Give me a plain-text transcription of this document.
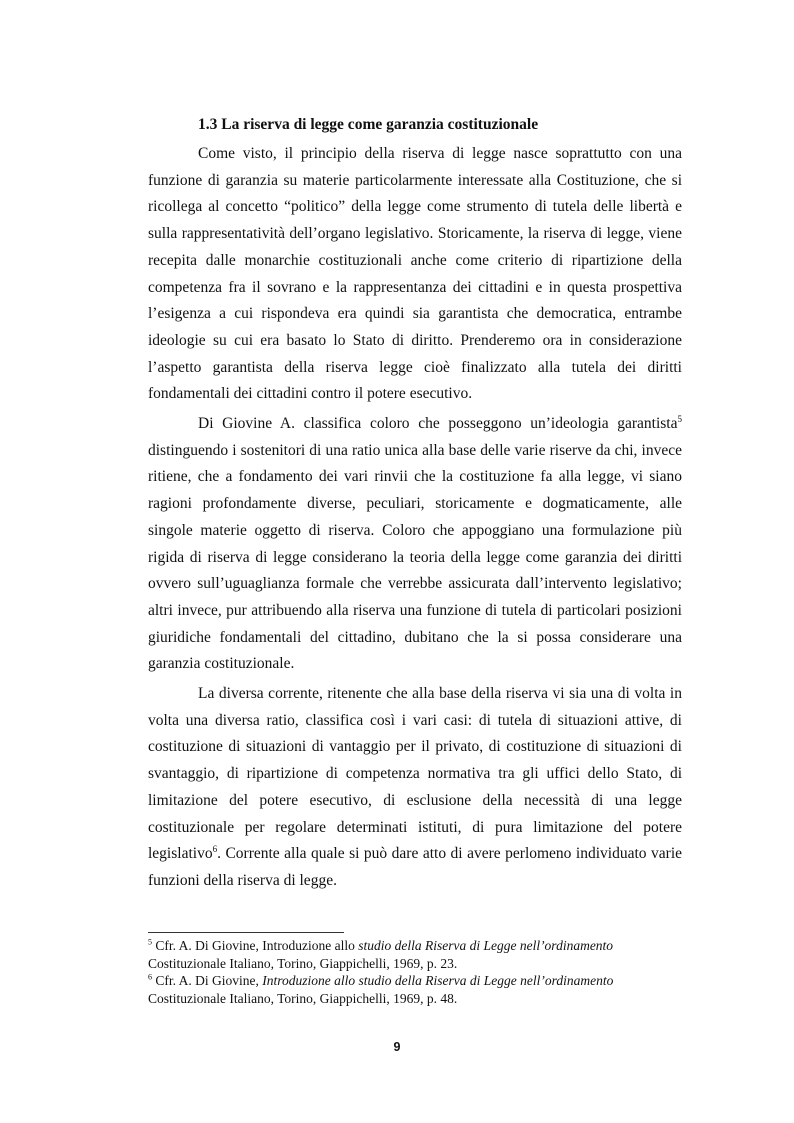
1.3 La riserva di legge come garanzia costituzionale

Come visto, il principio della riserva di legge nasce soprattutto con una funzione di garanzia su materie particolarmente interessate alla Costituzione, che si ricollega al concetto “politico” della legge come strumento di tutela delle libertà e sulla rappresentatività dell’organo legislativo. Storicamente, la riserva di legge, viene recepita dalle monarchie costituzionali anche come criterio di ripartizione della competenza fra il sovrano e la rappresentanza dei cittadini e in questa prospettiva l’esigenza a cui rispondeva era quindi sia garantista che democratica, entrambe ideologie su cui era basato lo Stato di diritto. Prenderemo ora in considerazione l’aspetto garantista della riserva legge cioè finalizzato alla tutela dei diritti fondamentali dei cittadini contro il potere esecutivo.

Di Giovine A. classifica coloro che posseggono un’ideologia garantista$^5$ distinguendo i sostenitori di una ratio unica alla base delle varie riserve da chi, invece ritiene, che a fondamento dei vari rinvii che la costituzione fa alla legge, vi siano ragioni profondamente diverse, peculiari, storicamente e dogmaticamente, alle singole materie oggetto di riserva. Coloro che appoggiano una formulazione più rigida di riserva di legge considerano la teoria della legge come garanzia dei diritti ovvero sull’uguaglianza formale che verrebbe assicurata dall’intervento legislativo; altri invece, pur attribuendo alla riserva una funzione di tutela di particolari posizioni giuridiche fondamentali del cittadino, dubitano che la si possa considerare una garanzia costituzionale.

La diversa corrente, ritenente che alla base della riserva vi sia una di volta in volta una diversa ratio, classifica così i vari casi: di tutela di situazioni attive, di costituzione di situazioni di vantaggio per il privato, di costituzione di situazioni di svantaggio, di ripartizione di competenza normativa tra gli uffici dello Stato, di limitazione del potere esecutivo, di esclusione della necessità di una legge costituzionale per regolare determinati istituti, di pura limitazione del potere legislativo$^6$. Corrente alla quale si può dare atto di avere perlomeno individuato varie funzioni della riserva di legge.

$^5$ Cfr. A. Di Giovine, Introduzione allo studio della Riserva di Legge nell’ordinamento Costituzionale Italiano, Torino, Giappichelli, 1969, p. 23.

$^6$ Cfr. A. Di Giovine, Introduzione allo studio della Riserva di Legge nell’ordinamento Costituzionale Italiano, Torino, Giappichelli, 1969, p. 48.

9
